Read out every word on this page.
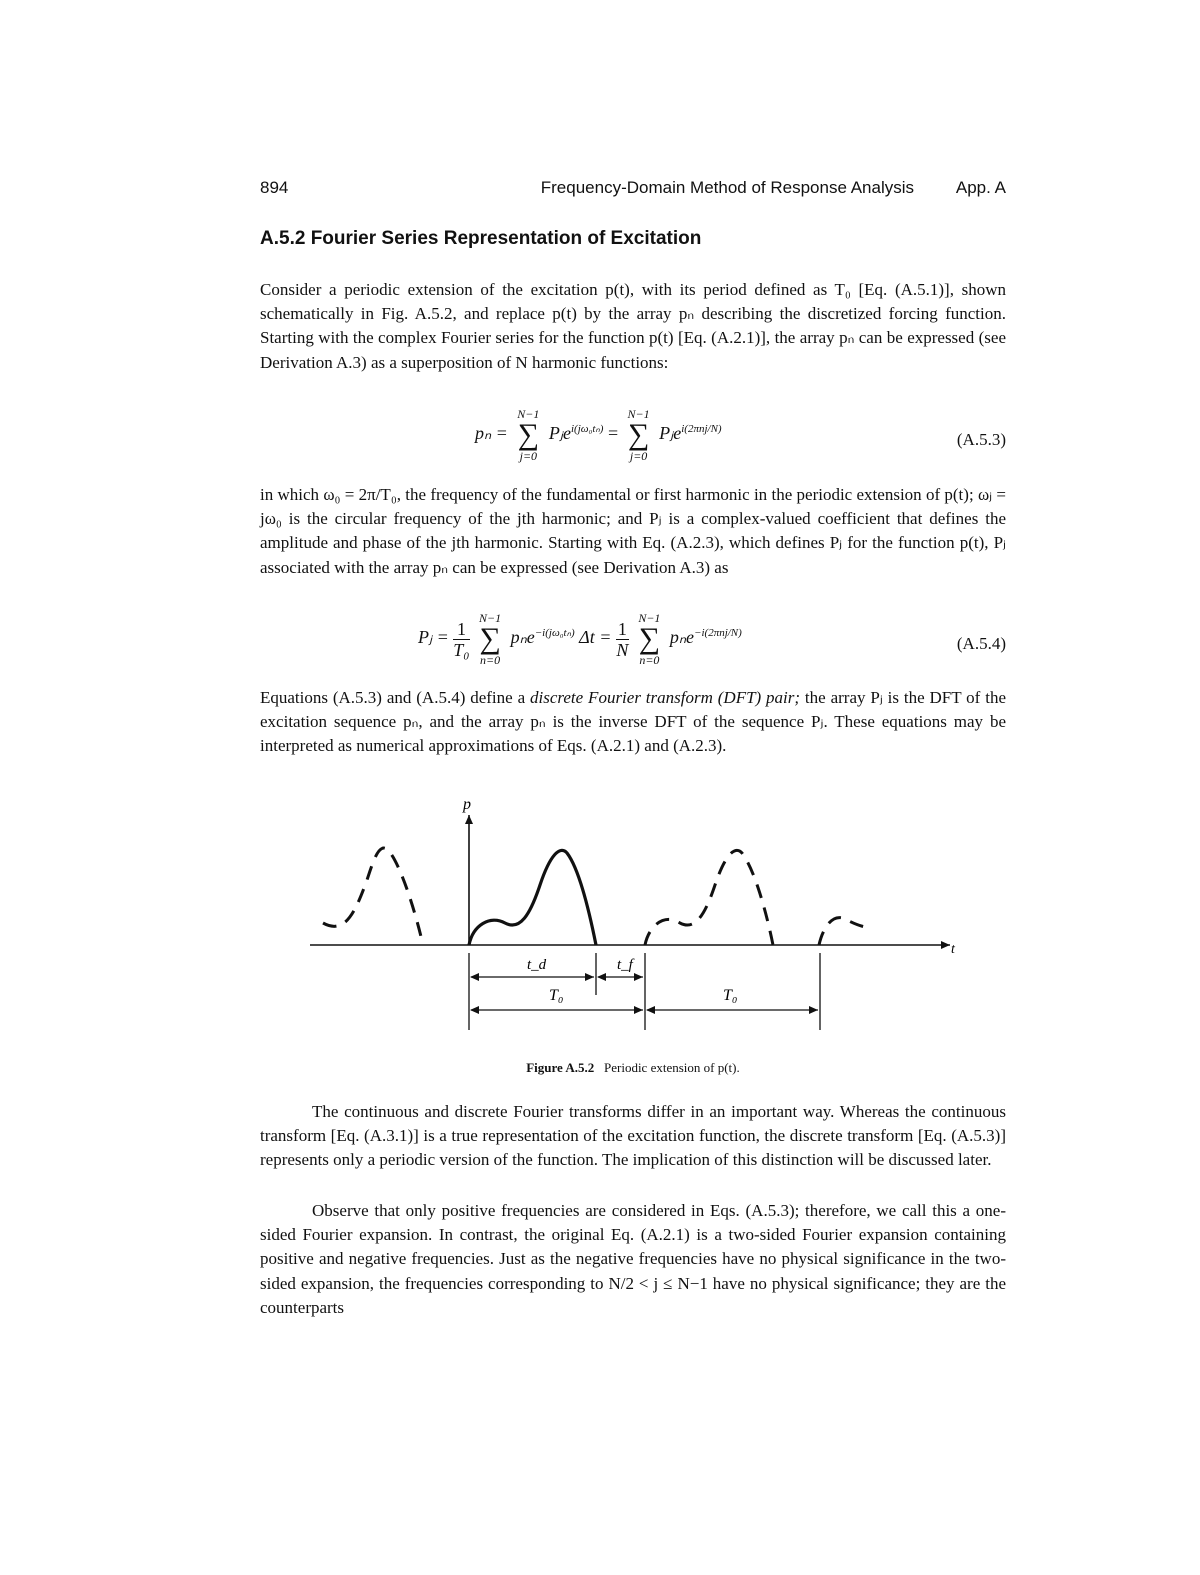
894	Frequency-Domain Method of Response Analysis App. A
A.5.2 Fourier Series Representation of Excitation

Consider a periodic extension of the excitation p(t), with its period defined as T₀ [Eq. (A.5.1)], shown schematically in Fig. A.5.2, and replace p(t) by the array pₙ describing the discretized forcing function. Starting with the complex Fourier series for the function p(t) [Eq. (A.2.1)], the array pₙ can be expressed (see Derivation A.3) as a superposition of N harmonic functions:

pₙ =
N−1
∑
j=0
Pⱼe$^{i(j\omega_0t_n)}$ =
N−1
∑
j=0
Pⱼe$^{i(2\pi nj/N)}$
(A.5.3)

in which ω₀ = 2π/T₀, the frequency of the fundamental or first harmonic in the periodic extension of p(t); ωⱼ = jω₀ is the circular frequency of the jth harmonic; and Pⱼ is a complex-valued coefficient that defines the amplitude and phase of the jth harmonic. Starting with Eq. (A.2.3), which defines Pⱼ for the function p(t), Pⱼ associated with the array pₙ can be expressed (see Derivation A.3) as

Pⱼ = $\frac{1}{\text{T₀}}$

N−1
∑
n=0
pₙe$^{-i(j\omega_0t_n)}$ $\Delta t = \frac{1}{N}$

N−1
∑
n=0
pₙe$^{-i(2\pi nj/N)}$
(A.5.4)

Equations (A.5.3) and (A.5.4) define a discrete Fourier transform (DFT) pair; the array Pⱼ is the DFT of the excitation sequence pₙ, and the array pₙ is the inverse DFT of the sequence Pⱼ. These equations may be interpreted as numerical approximations of Eqs. (A.2.1) and (A.2.3).

p
t
t_d	t_f
T₀	T₀
Figure A.5.2 Periodic extension of p(t).

The continuous and discrete Fourier transforms differ in an important way. Whereas the continuous transform [Eq. (A.3.1)] is a true representation of the excitation function, the discrete transform [Eq. (A.5.3)] represents only a periodic version of the function. The implication of this distinction will be discussed later.

Observe that only positive frequencies are considered in Eqs. (A.5.3); therefore, we call this a one-sided Fourier expansion. In contrast, the original Eq. (A.2.1) is a two-sided Fourier expansion containing positive and negative frequencies. Just as the negative frequencies have no physical significance in the two-sided expansion, the frequencies corresponding to N/2 < j ≤ N−1 have no physical significance; they are the counterparts
